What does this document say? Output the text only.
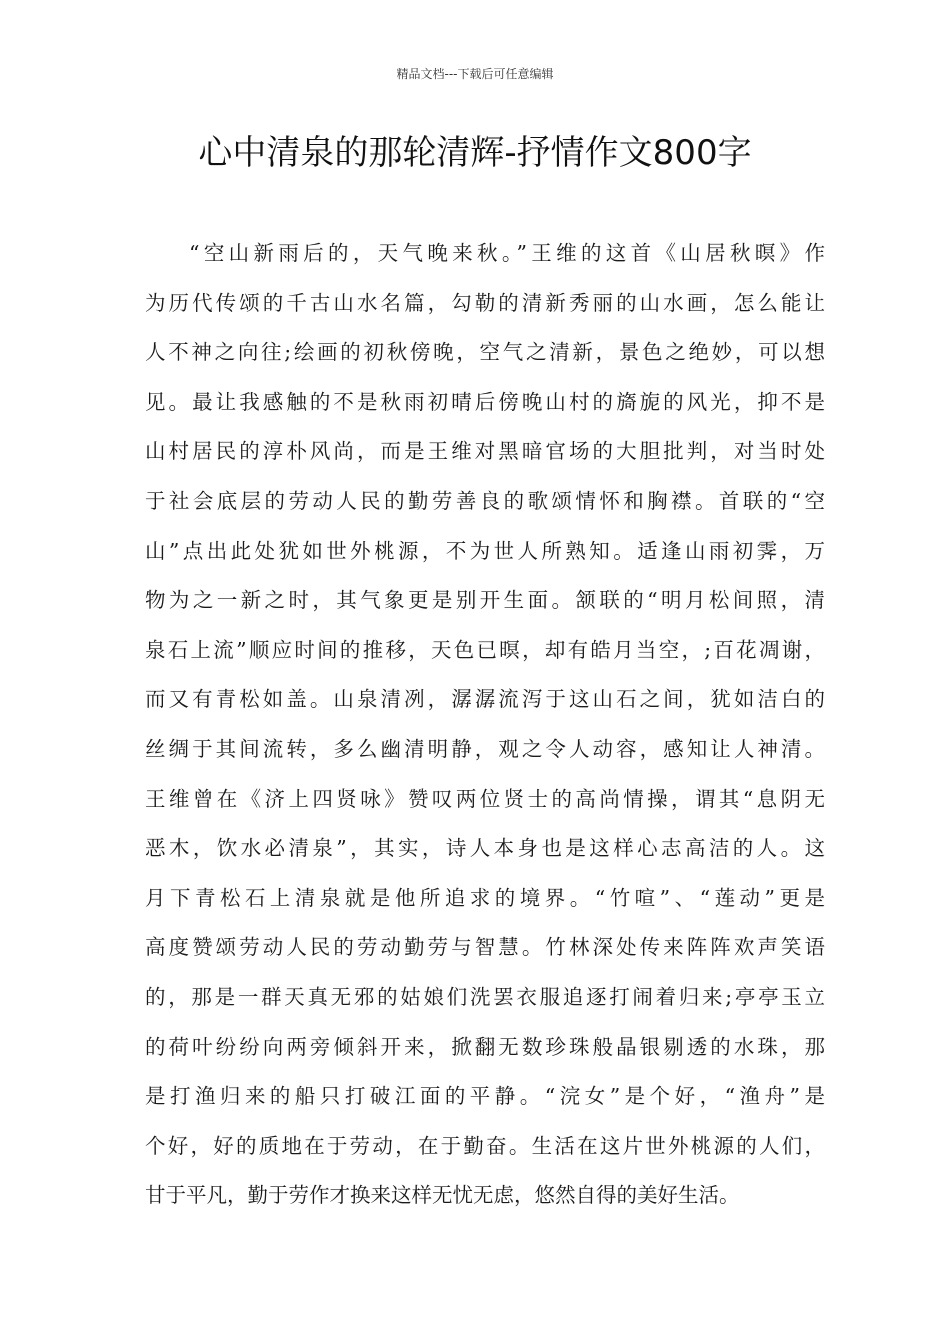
精品文档---下载后可任意编辑
心中清泉的那轮清辉-抒情作文800字
“空山新雨后的，天气晚来秋。”王维的这首《山居秋暝》作
为历代传颂的千古山水名篇，勾勒的清新秀丽的山水画，怎么能让
人不神之向往;绘画的初秋傍晚，空气之清新，景色之绝妙，可以想
见。最让我感触的不是秋雨初晴后傍晚山村的旖旎的风光，抑不是
山村居民的淳朴风尚，而是王维对黑暗官场的大胆批判，对当时处
于社会底层的劳动人民的勤劳善良的歌颂情怀和胸襟。首联的“空
山”点出此处犹如世外桃源，不为世人所熟知。适逢山雨初霁，万
物为之一新之时，其气象更是别开生面。颔联的“明月松间照，清
泉石上流”顺应时间的推移，天色已暝，却有皓月当空，;百花凋谢，
而又有青松如盖。山泉清冽，潺潺流泻于这山石之间，犹如洁白的
丝绸于其间流转，多么幽清明静，观之令人动容，感知让人神清。
王维曾在《济上四贤咏》赞叹两位贤士的高尚情操，谓其“息阴无
恶木，饮水必清泉”，其实，诗人本身也是这样心志高洁的人。这
月下青松石上清泉就是他所追求的境界。“竹喧”、“莲动”更是
高度赞颂劳动人民的劳动勤劳与智慧。竹林深处传来阵阵欢声笑语
的，那是一群天真无邪的姑娘们洗罢衣服追逐打闹着归来;亭亭玉立
的荷叶纷纷向两旁倾斜开来，掀翻无数珍珠般晶银剔透的水珠，那
是打渔归来的船只打破江面的平静。“浣女”是个好，“渔舟”是
个好，好的质地在于劳动，在于勤奋。生活在这片世外桃源的人们，
甘于平凡，勤于劳作才换来这样无忧无虑，悠然自得的美好生活。
